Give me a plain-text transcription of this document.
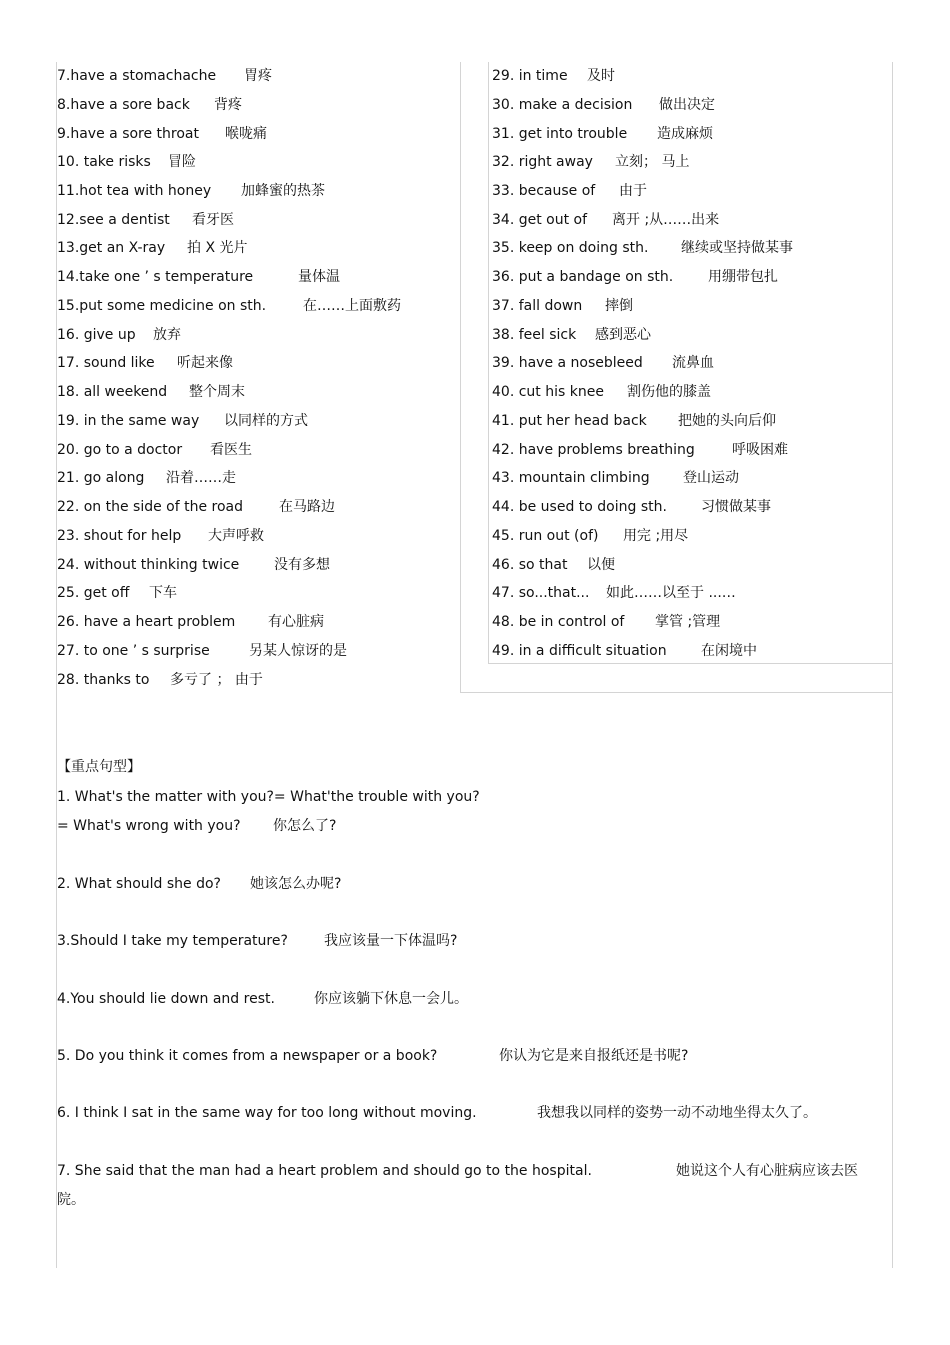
7.have a stomachache 胃疼
8.have a sore back 背疼
9.have a sore throat 喉咙痛
10. take risks 冒险
11.hot tea with honey 加蜂蜜的热茶
12.see a dentist 看牙医
13.get an X-ray 拍 X 光片
14.take one ’ s temperature	量体温
15.put some medicine on sth.	在……上面敷药
16. give up 放弃
17. sound like 听起来像
18. all weekend 整个周末
19. in the same way 以同样的方式
20. go to a doctor 看医生
21. go along 沿着……走
22. on the side of the road	在马路边
23. shout for help 大声呼救
24. without thinking twice 没有多想
25. get off 下车
26. have a heart problem 有心脏病
27. to one ’ s surprise	另某人惊讶的是
28. thanks to 多亏了 ； 由于
29. in time 及时
30. make a decision 做出决定
31. get into trouble 造成麻烦
32. right away 立刻； 马上
33. because of 由于
34. get out of 离开 ;从……出来
35. keep on doing sth. 继续或坚持做某事
36. put a bandage on sth. 用绷带包扎
37. fall down 摔倒
38. feel sick 感到恶心
39. have a nosebleed 流鼻血
40. cut his knee 割伤他的膝盖
41. put her head back 把她的头向后仰
42. have problems breathing	呼吸困难
43. mountain climbing 登山运动
44. be used to doing sth. 习惯做某事
45. run out (of) 用完 ;用尽
46. so that 以便
47. so...that... 如此……以至于 ...…
48. be in control of 掌管 ;管理
49. in a difficult situation 在闲境中
【重点句型】
1. What's the matter with you?= What'the trouble with you?
= What's wrong with you? 你怎么了?
2. What should she do? 她该怎么办呢?
3.Should I take my temperature?	我应该量一下体温吗?
4.You should lie down and rest.	你应该躺下休息一会儿。
5. Do you think it comes from a newspaper or a book?	你认为它是来自报纸还是书呢?
6. I think I sat in the same way for too long without moving.	我想我以同样的姿势一动不动地坐得太久了。
7. She said that the man had a heart problem and should go to the hospital.	她说这个人有心脏病应该去医
院。
